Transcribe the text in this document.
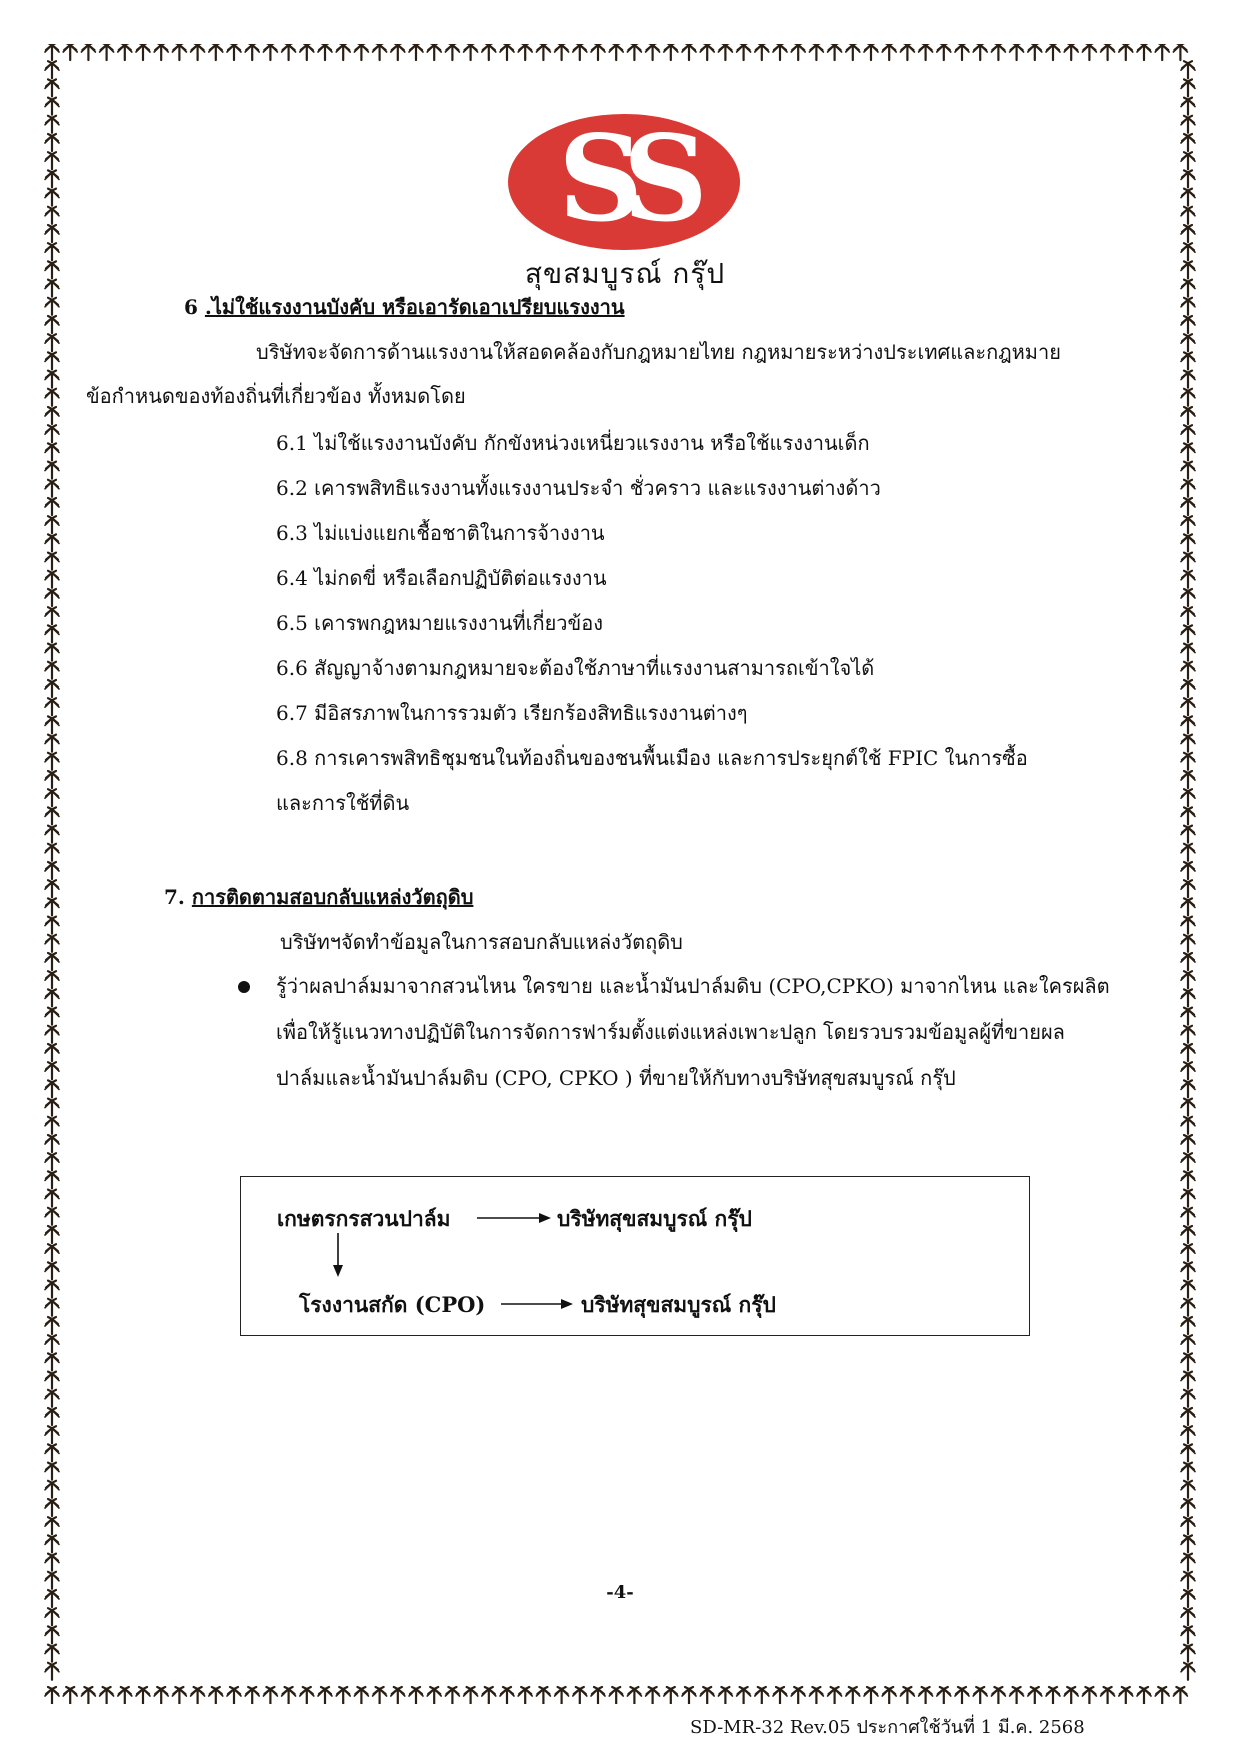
SS
สุขสมบูรณ์ กรุ๊ป
6 .ไม่ใช้แรงงานบังคับ หรือเอารัดเอาเปรียบแรงงาน
บริษัทจะจัดการด้านแรงงานให้สอดคล้องกับกฎหมายไทย กฎหมายระหว่างประเทศและกฎหมาย
ข้อกำหนดของท้องถิ่นที่เกี่ยวข้อง ทั้งหมดโดย
6.1 ไม่ใช้แรงงานบังคับ กักขังหน่วงเหนี่ยวแรงงาน หรือใช้แรงงานเด็ก
6.2 เคารพสิทธิแรงงานทั้งแรงงานประจำ ชั่วคราว และแรงงานต่างด้าว
6.3 ไม่แบ่งแยกเชื้อชาติในการจ้างงาน
6.4 ไม่กดขี่ หรือเลือกปฏิบัติต่อแรงงาน
6.5 เคารพกฎหมายแรงงานที่เกี่ยวข้อง
6.6 สัญญาจ้างตามกฎหมายจะต้องใช้ภาษาที่แรงงานสามารถเข้าใจได้
6.7 มีอิสรภาพในการรวมตัว เรียกร้องสิทธิแรงงานต่างๆ
6.8 การเคารพสิทธิชุมชนในท้องถิ่นของชนพื้นเมือง และการประยุกต์ใช้ FPIC ในการซื้อ
และการใช้ที่ดิน
7. การติดตามสอบกลับแหล่งวัตถุดิบ
บริษัทฯจัดทำข้อมูลในการสอบกลับแหล่งวัตถุดิบ
รู้ว่าผลปาล์มมาจากสวนไหน ใครขาย และน้ำมันปาล์มดิบ (CPO,CPKO) มาจากไหน และใครผลิต
เพื่อให้รู้แนวทางปฏิบัติในการจัดการฟาร์มตั้งแต่งแหล่งเพาะปลูก โดยรวบรวมข้อมูลผู้ที่ขายผล
ปาล์มและน้ำมันปาล์มดิบ (CPO, CPKO ) ที่ขายให้กับทางบริษัทสุขสมบูรณ์ กรุ๊ป
เกษตรกรสวนปาล์ม	บริษัทสุขสมบูรณ์ กรุ๊ป
โรงงานสกัด (CPO)	บริษัทสุขสมบูรณ์ กรุ๊ป
-4-
SD-MR-32 Rev.05 ประกาศใช้วันที่ 1 มี.ค. 2568
